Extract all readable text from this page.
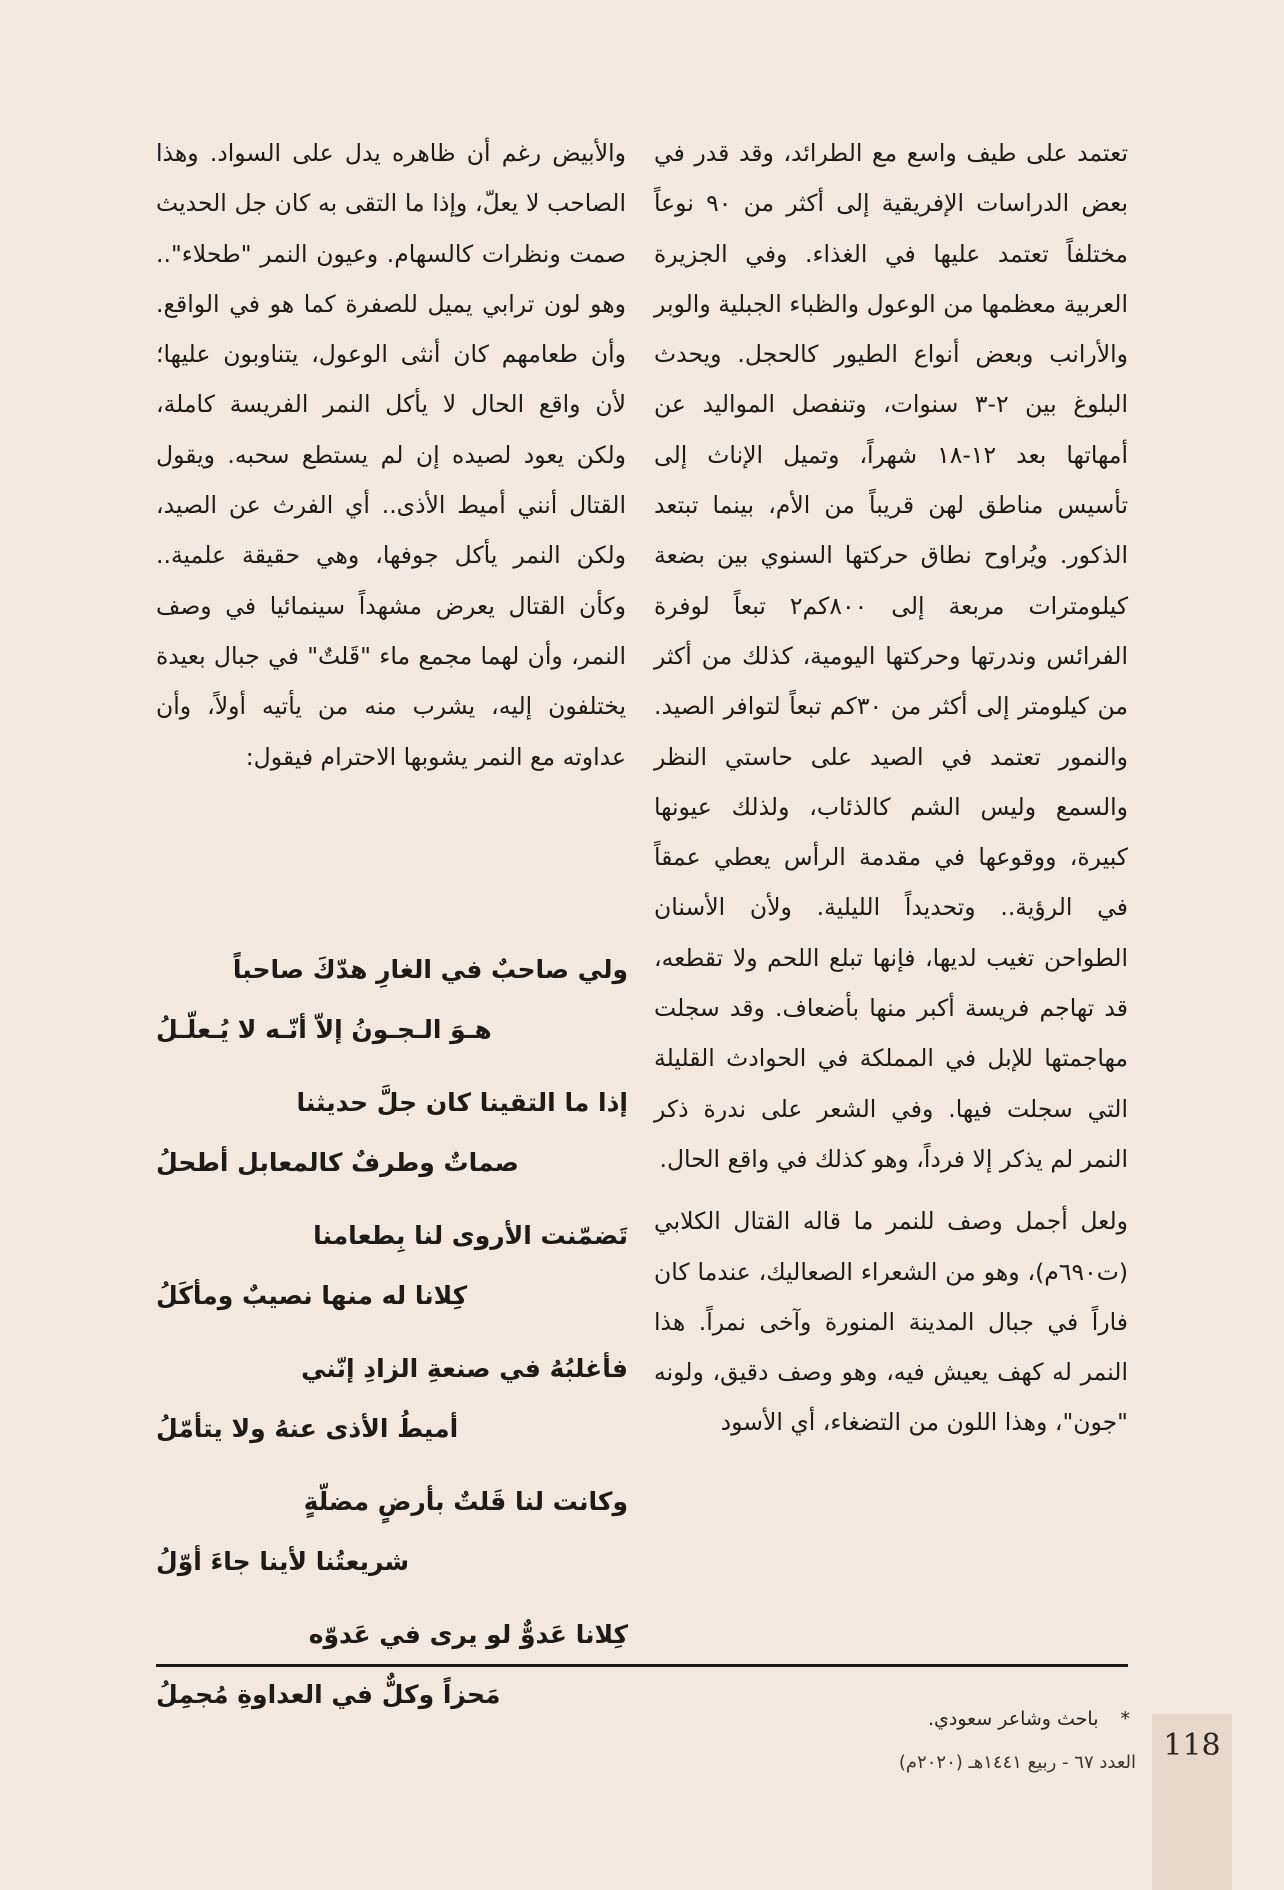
تعتمد على طيف واسع مع الطرائد، وقد قدر في بعض الدراسات الإفريقية إلى أكثر من ٩٠ نوعاً مختلفاً تعتمد عليها في الغذاء. وفي الجزيرة العربية معظمها من الوعول والظباء الجبلية والوبر والأرانب وبعض أنواع الطيور كالحجل. ويحدث البلوغ بين ٢-٣ سنوات، وتنفصل المواليد عن أمهاتها بعد ١٢-١٨ شهراً، وتميل الإناث إلى تأسيس مناطق لهن قريباً من الأم، بينما تبتعد الذكور. ويُراوح نطاق حركتها السنوي بين بضعة كيلومترات مربعة إلى ٨٠٠كم٢ تبعاً لوفرة الفرائس وندرتها وحركتها اليومية، كذلك من أكثر من كيلومتر إلى أكثر من ٣٠كم تبعاً لتوافر الصيد. والنمور تعتمد في الصيد على حاستي النظر والسمع وليس الشم كالذئاب، ولذلك عيونها كبيرة، ووقوعها في مقدمة الرأس يعطي عمقاً في الرؤية.. وتحديداً الليلية. ولأن الأسنان الطواحن تغيب لديها، فإنها تبلع اللحم ولا تقطعه، قد تهاجم فريسة أكبر منها بأضعاف. وقد سجلت مهاجمتها للإبل في المملكة في الحوادث القليلة التي سجلت فيها. وفي الشعر على ندرة ذكر النمر لم يذكر إلا فرداً، وهو كذلك في واقع الحال.

ولعل أجمل وصف للنمر ما قاله القتال الكلابي (ت٦٩٠م)، وهو من الشعراء الصعاليك، عندما كان فاراً في جبال المدينة المنورة وآخى نمراً. هذا النمر له كهف يعيش فيه، وهو وصف دقيق، ولونه "جون"، وهذا اللون من التضغاء، أي الأسود

والأبيض رغم أن ظاهره يدل على السواد. وهذا الصاحب لا يعلّ، وإذا ما التقى به كان جل الحديث صمت ونظرات كالسهام. وعيون النمر "طحلاء".. وهو لون ترابي يميل للصفرة كما هو في الواقع. وأن طعامهم كان أنثى الوعول، يتناوبون عليها؛ لأن واقع الحال لا يأكل النمر الفريسة كاملة، ولكن يعود لصيده إن لم يستطع سحبه. ويقول القتال أنني أميط الأذى.. أي الفرث عن الصيد، ولكن النمر يأكل جوفها، وهي حقيقة علمية.. وكأن القتال يعرض مشهداً سينمائيا في وصف النمر، وأن لهما مجمع ماء "قَلتٌ" في جبال بعيدة يختلفون إليه، يشرب منه من يأتيه أولاً، وأن عداوته مع النمر يشوبها الاحترام فيقول:

ولي صاحبٌ في الغارِ هدّكَ صاحباً
هـوَ الـجـونُ إلاّ أنّـه لا يُـعلّـلُ
إذا ما التقينا كان جلَّ حديثنا
صماتٌ وطرفٌ كالمعابل أطحلُ
تَضمّنت الأروى لنا بِطعامنا
كِلانا له منها نصيبٌ ومأكَلُ
فأغلبُهُ في صنعةِ الزادِ إنّني
أميطُ الأذى عنهُ ولا يتأمّلُ
وكانت لنا قَلتٌ بأرضٍ مضلّةٍ
شريعتُنا لأينا جاءَ أوّلُ
كِلانا عَدوٌّ لو يرى في عَدوّه
مَحزاً وكلٌّ في العداوةِ مُجمِلُ
*باحث وشاعر سعودي.
118
العدد ٦٧ - ربيع ١٤٤١هـ (٢٠٢٠م)
